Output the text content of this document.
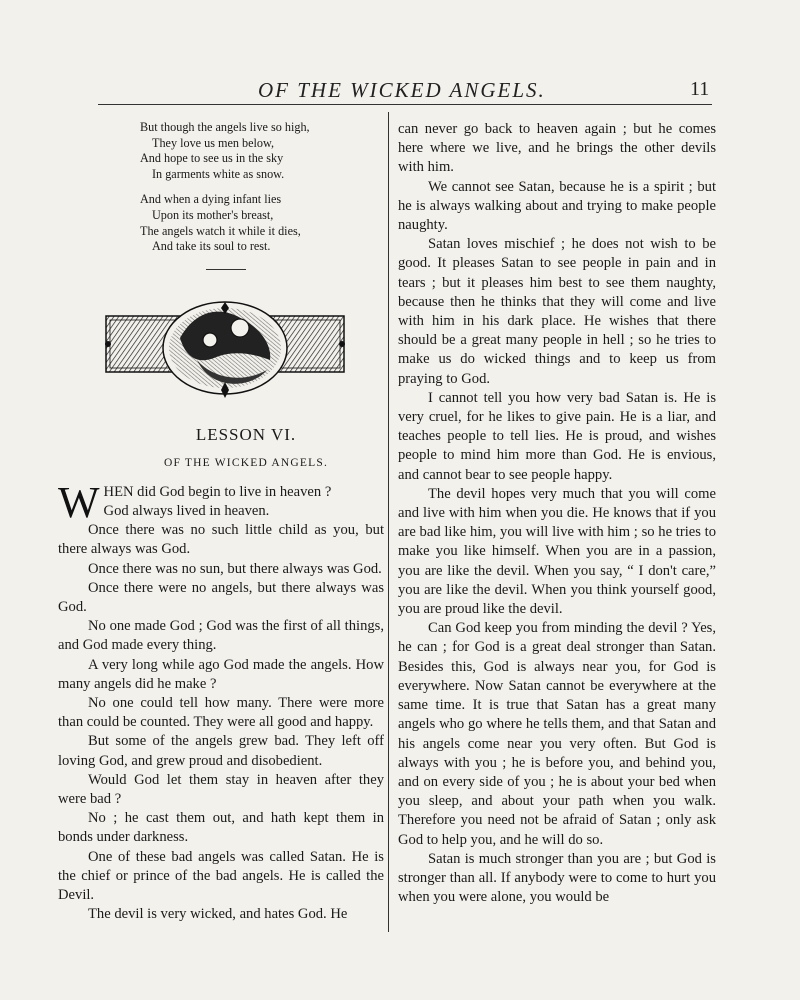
OF THE WICKED ANGELS.	11
But though the angels live so high,
They love us men below,
And hope to see us in the sky
In garments white as snow.
And when a dying infant lies
Upon its mother's breast,
The angels watch it while it dies,
And take its soul to rest.
LESSON VI.
OF THE WICKED ANGELS.
W HEN did God begin to live in heaven ?
God always lived in heaven.

Once there was no such little child as you, but there always was God.

Once there was no sun, but there always was God.

Once there were no angels, but there always was God.

No one made God ; God was the first of all things, and God made every thing.

A very long while ago God made the angels. How many angels did he make ?

No one could tell how many. There were more than could be counted. They were all good and happy.

But some of the angels grew bad. They left off loving God, and grew proud and disobedient.

Would God let them stay in heaven after they were bad ?

No ; he cast them out, and hath kept them in bonds under darkness.

One of these bad angels was called Satan. He is the chief or prince of the bad angels. He is called the Devil.

The devil is very wicked, and hates God. He

can never go back to heaven again ; but he comes here where we live, and he brings the other devils with him.

We cannot see Satan, because he is a spirit ; but he is always walking about and trying to make people naughty.

Satan loves mischief ; he does not wish to be good. It pleases Satan to see people in pain and in tears ; but it pleases him best to see them naughty, because then he thinks that they will come and live with him in his dark place. He wishes that there should be a great many people in hell ; so he tries to make us do wicked things and to keep us from praying to God.

I cannot tell you how very bad Satan is. He is very cruel, for he likes to give pain. He is a liar, and teaches people to tell lies. He is proud, and wishes people to mind him more than God. He is envious, and cannot bear to see people happy.

The devil hopes very much that you will come and live with him when you die. He knows that if you are bad like him, you will live with him ; so he tries to make you like himself. When you are in a passion, you are like the devil. When you say, “ I don't care,” you are like the devil. When you think yourself good, you are proud like the devil.

Can God keep you from minding the devil ? Yes, he can ; for God is a great deal stronger than Satan. Besides this, God is always near you, for God is everywhere. Now Satan cannot be everywhere at the same time. It is true that Satan has a great many angels who go where he tells them, and that Satan and his angels come near you very often. But God is always with you ; he is before you, and behind you, and on every side of you ; he is about your bed when you sleep, and about your path when you walk. Therefore you need not be afraid of Satan ; only ask God to help you, and he will do so.

Satan is much stronger than you are ; but God is stronger than all. If anybody were to come to hurt you when you were alone, you would be
